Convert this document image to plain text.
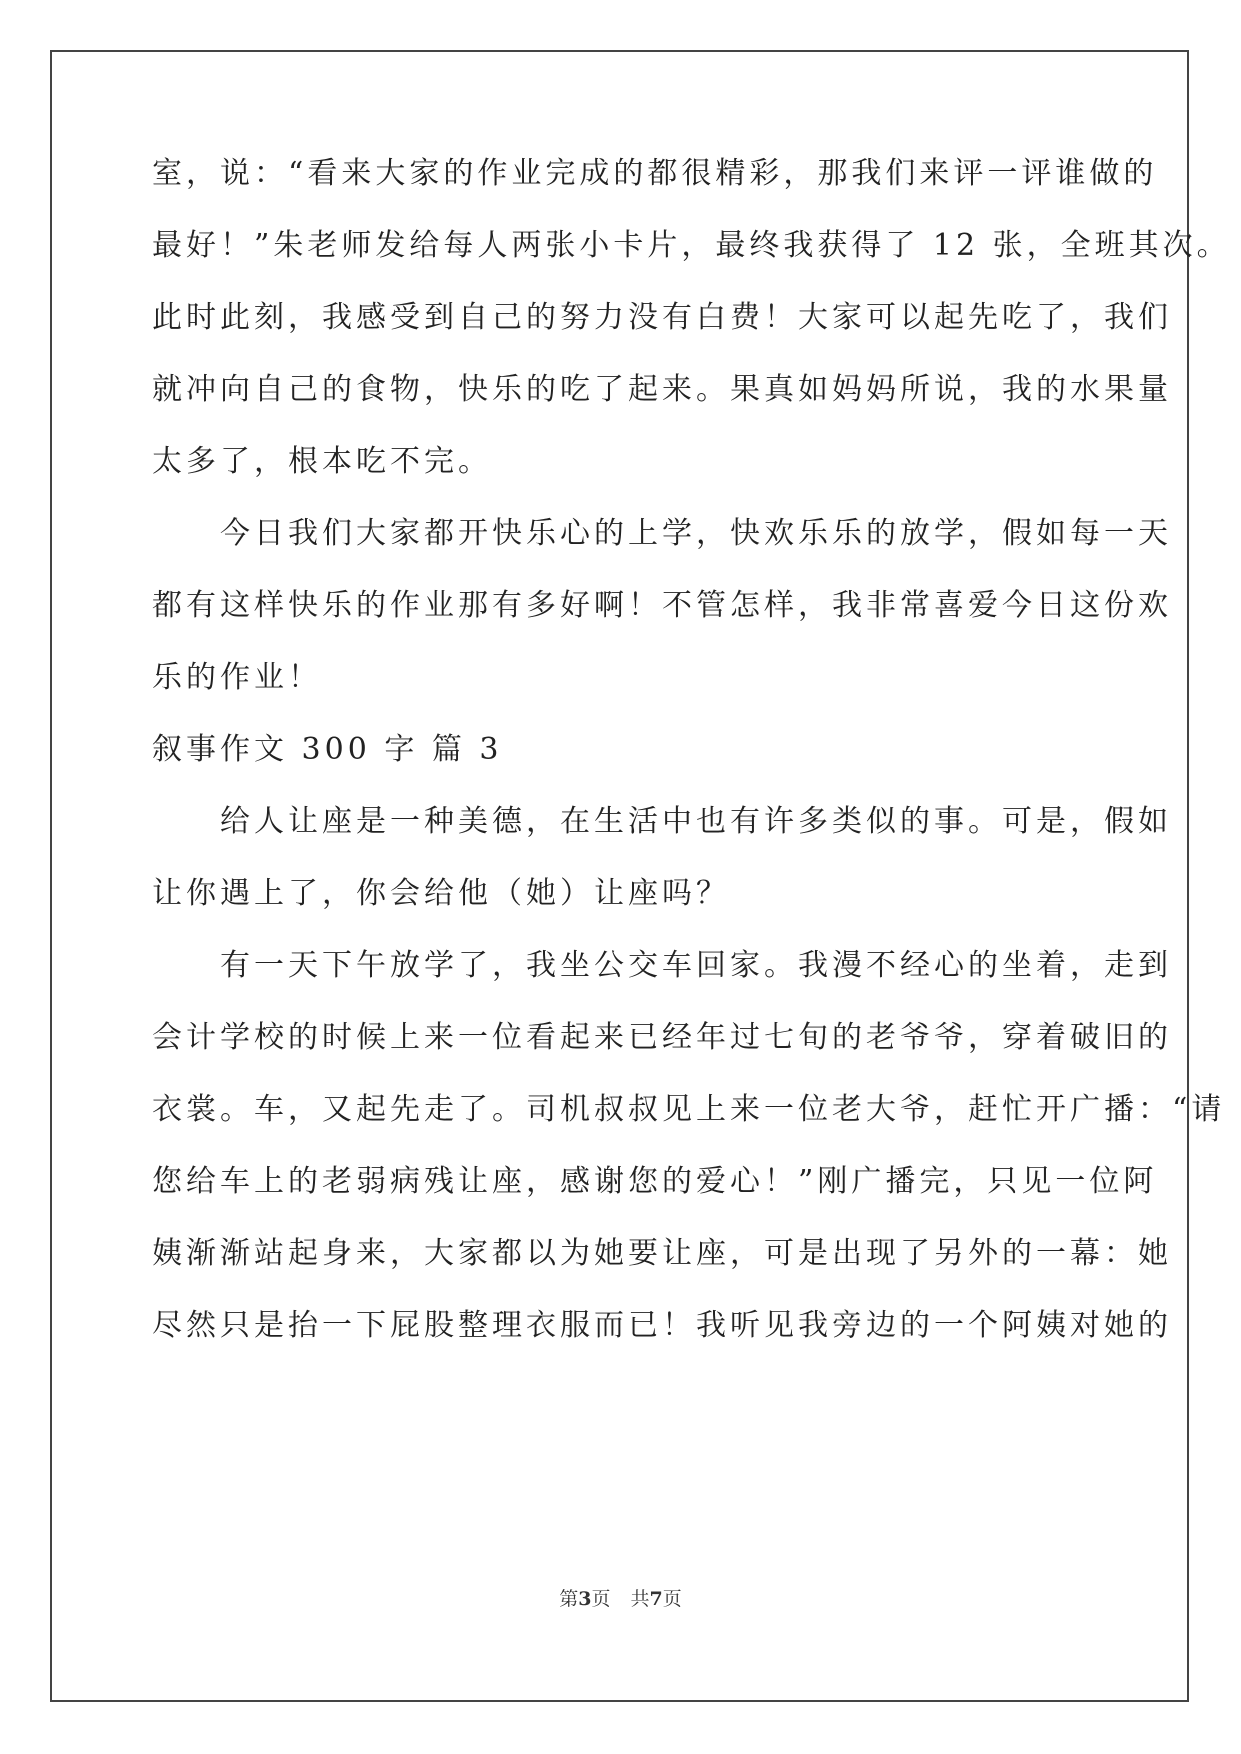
室，说：“看来大家的作业完成的都很精彩，那我们来评一评谁做的
最好！”朱老师发给每人两张小卡片，最终我获得了 12 张，全班其次。
此时此刻，我感受到自己的努力没有白费！大家可以起先吃了，我们
就冲向自己的食物，快乐的吃了起来。果真如妈妈所说，我的水果量
太多了，根本吃不完。
　　今日我们大家都开快乐心的上学，快欢乐乐的放学，假如每一天
都有这样快乐的作业那有多好啊！不管怎样，我非常喜爱今日这份欢
乐的作业！
叙事作文 300 字 篇 3
　　给人让座是一种美德，在生活中也有许多类似的事。可是，假如
让你遇上了，你会给他（她）让座吗？
　　有一天下午放学了，我坐公交车回家。我漫不经心的坐着，走到
会计学校的时候上来一位看起来已经年过七旬的老爷爷，穿着破旧的
衣裳。车，又起先走了。司机叔叔见上来一位老大爷，赶忙开广播：“请
您给车上的老弱病残让座，感谢您的爱心！”刚广播完，只见一位阿
姨渐渐站起身来，大家都以为她要让座，可是出现了另外的一幕：她
尽然只是抬一下屁股整理衣服而已！我听见我旁边的一个阿姨对她的
第3页 共7页
